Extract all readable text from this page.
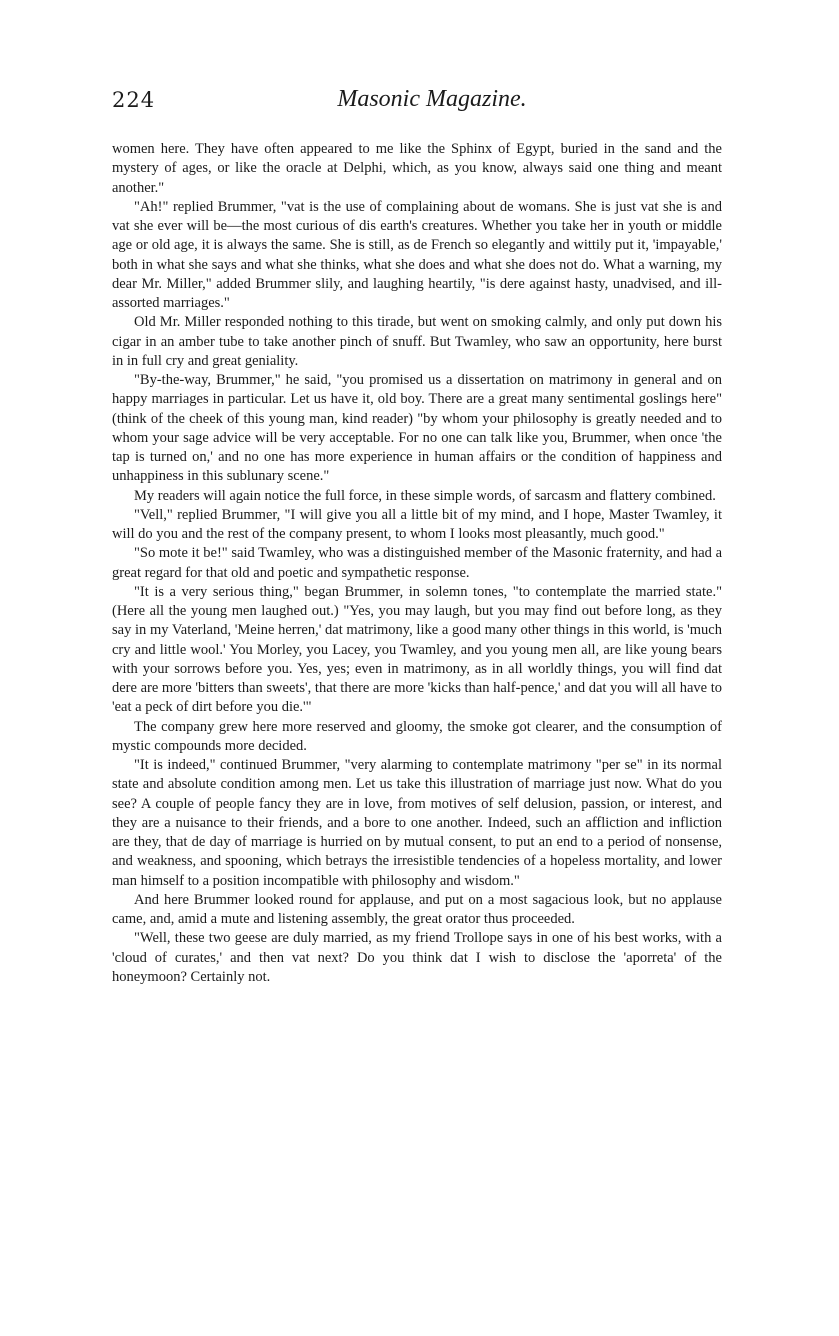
224	Masonic Magazine.

women here. They have often appeared to me like the Sphinx of Egypt, buried in the sand and the mystery of ages, or like the oracle at Delphi, which, as you know, always said one thing and meant another."

"Ah!" replied Brummer, "vat is the use of complaining about de womans. She is just vat she is and vat she ever will be—the most curious of dis earth's creatures. Whether you take her in youth or middle age or old age, it is always the same. She is still, as de French so elegantly and wittily put it, 'impayable,' both in what she says and what she thinks, what she does and what she does not do. What a warning, my dear Mr. Miller," added Brummer slily, and laughing heartily, "is dere against hasty, unadvised, and ill-assorted marriages."

Old Mr. Miller responded nothing to this tirade, but went on smoking calmly, and only put down his cigar in an amber tube to take another pinch of snuff. But Twamley, who saw an opportunity, here burst in in full cry and great geniality.

"By-the-way, Brummer," he said, "you promised us a dissertation on matrimony in general and on happy marriages in particular. Let us have it, old boy. There are a great many sentimental goslings here" (think of the cheek of this young man, kind reader) "by whom your philosophy is greatly needed and to whom your sage advice will be very acceptable. For no one can talk like you, Brummer, when once 'the tap is turned on,' and no one has more experience in human affairs or the condition of happiness and unhappiness in this sublunary scene."

My readers will again notice the full force, in these simple words, of sarcasm and flattery combined.

"Vell," replied Brummer, "I will give you all a little bit of my mind, and I hope, Master Twamley, it will do you and the rest of the company present, to whom I looks most pleasantly, much good."

"So mote it be!" said Twamley, who was a distinguished member of the Masonic fraternity, and had a great regard for that old and poetic and sympathetic response.

"It is a very serious thing," began Brummer, in solemn tones, "to contemplate the married state." (Here all the young men laughed out.) "Yes, you may laugh, but you may find out before long, as they say in my Vaterland, 'Meine herren,' dat matrimony, like a good many other things in this world, is 'much cry and little wool.' You Morley, you Lacey, you Twamley, and you young men all, are like young bears with your sorrows before you. Yes, yes; even in matrimony, as in all worldly things, you will find dat dere are more 'bitters than sweets', that there are more 'kicks than half-pence,' and dat you will all have to 'eat a peck of dirt before you die.'"

The company grew here more reserved and gloomy, the smoke got clearer, and the consumption of mystic compounds more decided.

"It is indeed," continued Brummer, "very alarming to contemplate matrimony "per se" in its normal state and absolute condition among men. Let us take this illustration of marriage just now. What do you see? A couple of people fancy they are in love, from motives of self delusion, passion, or interest, and they are a nuisance to their friends, and a bore to one another. Indeed, such an affliction and infliction are they, that de day of marriage is hurried on by mutual consent, to put an end to a period of nonsense, and weakness, and spooning, which betrays the irresistible tendencies of a hopeless mortality, and lower man himself to a position incompatible with philosophy and wisdom."

And here Brummer looked round for applause, and put on a most sagacious look, but no applause came, and, amid a mute and listening assembly, the great orator thus proceeded.

"Well, these two geese are duly married, as my friend Trollope says in one of his best works, with a 'cloud of curates,' and then vat next? Do you think dat I wish to disclose the 'aporreta' of the honeymoon? Certainly not.
